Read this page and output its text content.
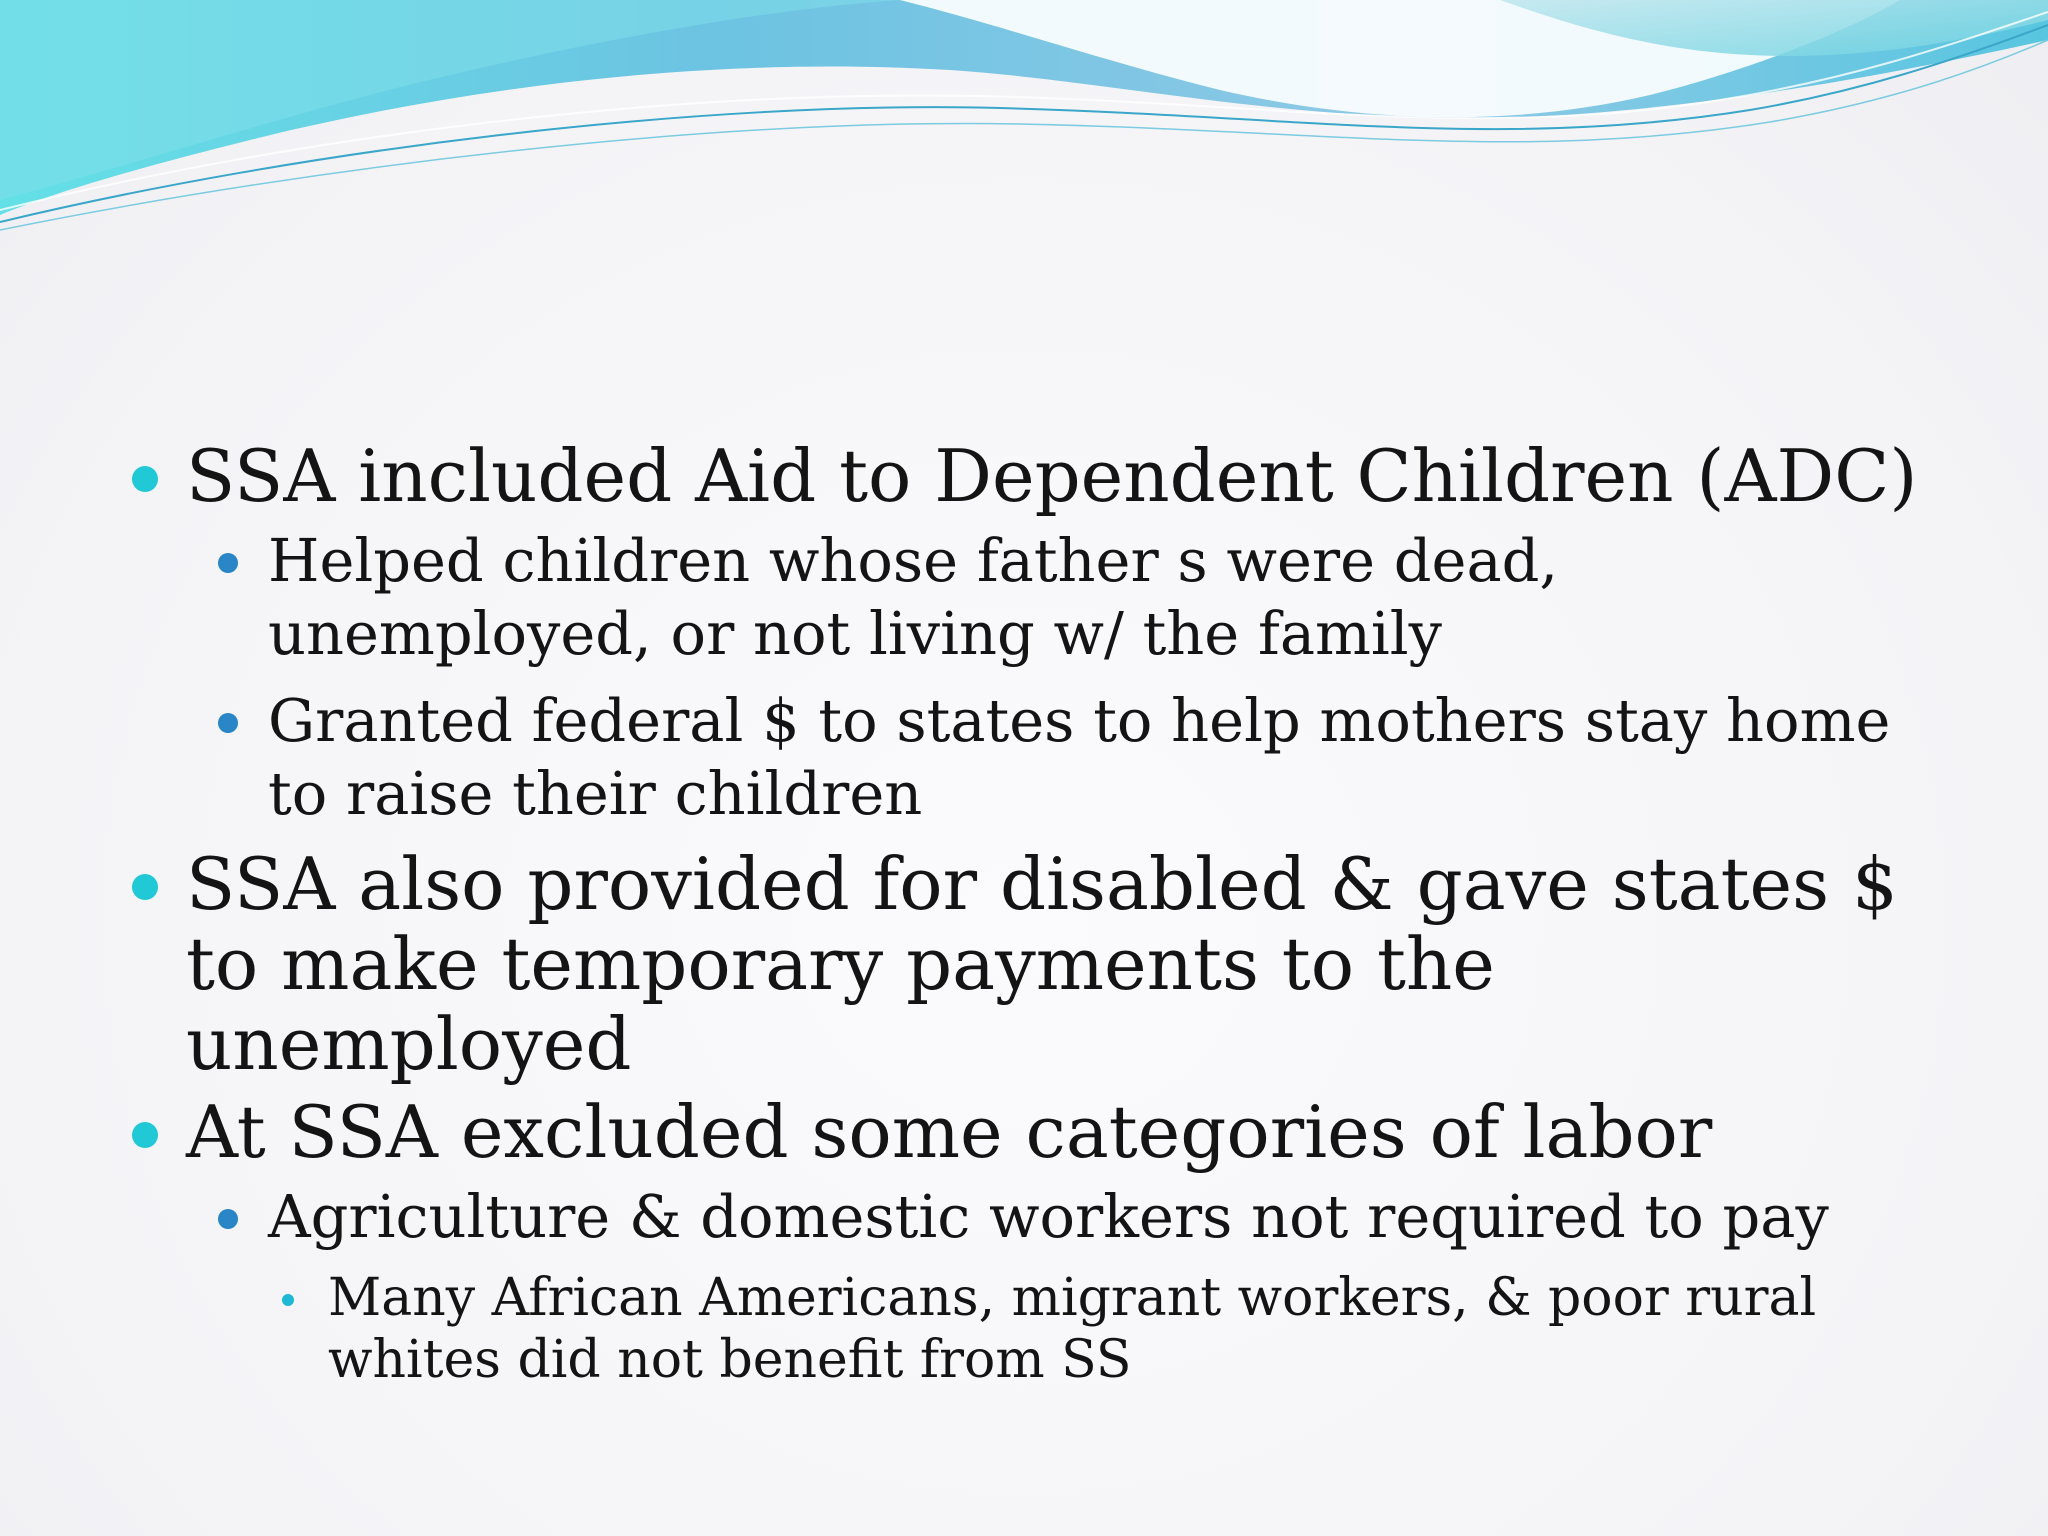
SSA included Aid to Dependent Children (ADC)
Helped children whose father s were dead, unemployed, or not living w/ the family
Granted federal $ to states to help mothers stay home to raise their children
SSA also provided for disabled & gave states $ to make temporary payments to the unemployed
At SSA excluded some categories of labor
Agriculture & domestic workers not required to pay
Many African Americans, migrant workers, & poor rural whites did not benefit from SS
